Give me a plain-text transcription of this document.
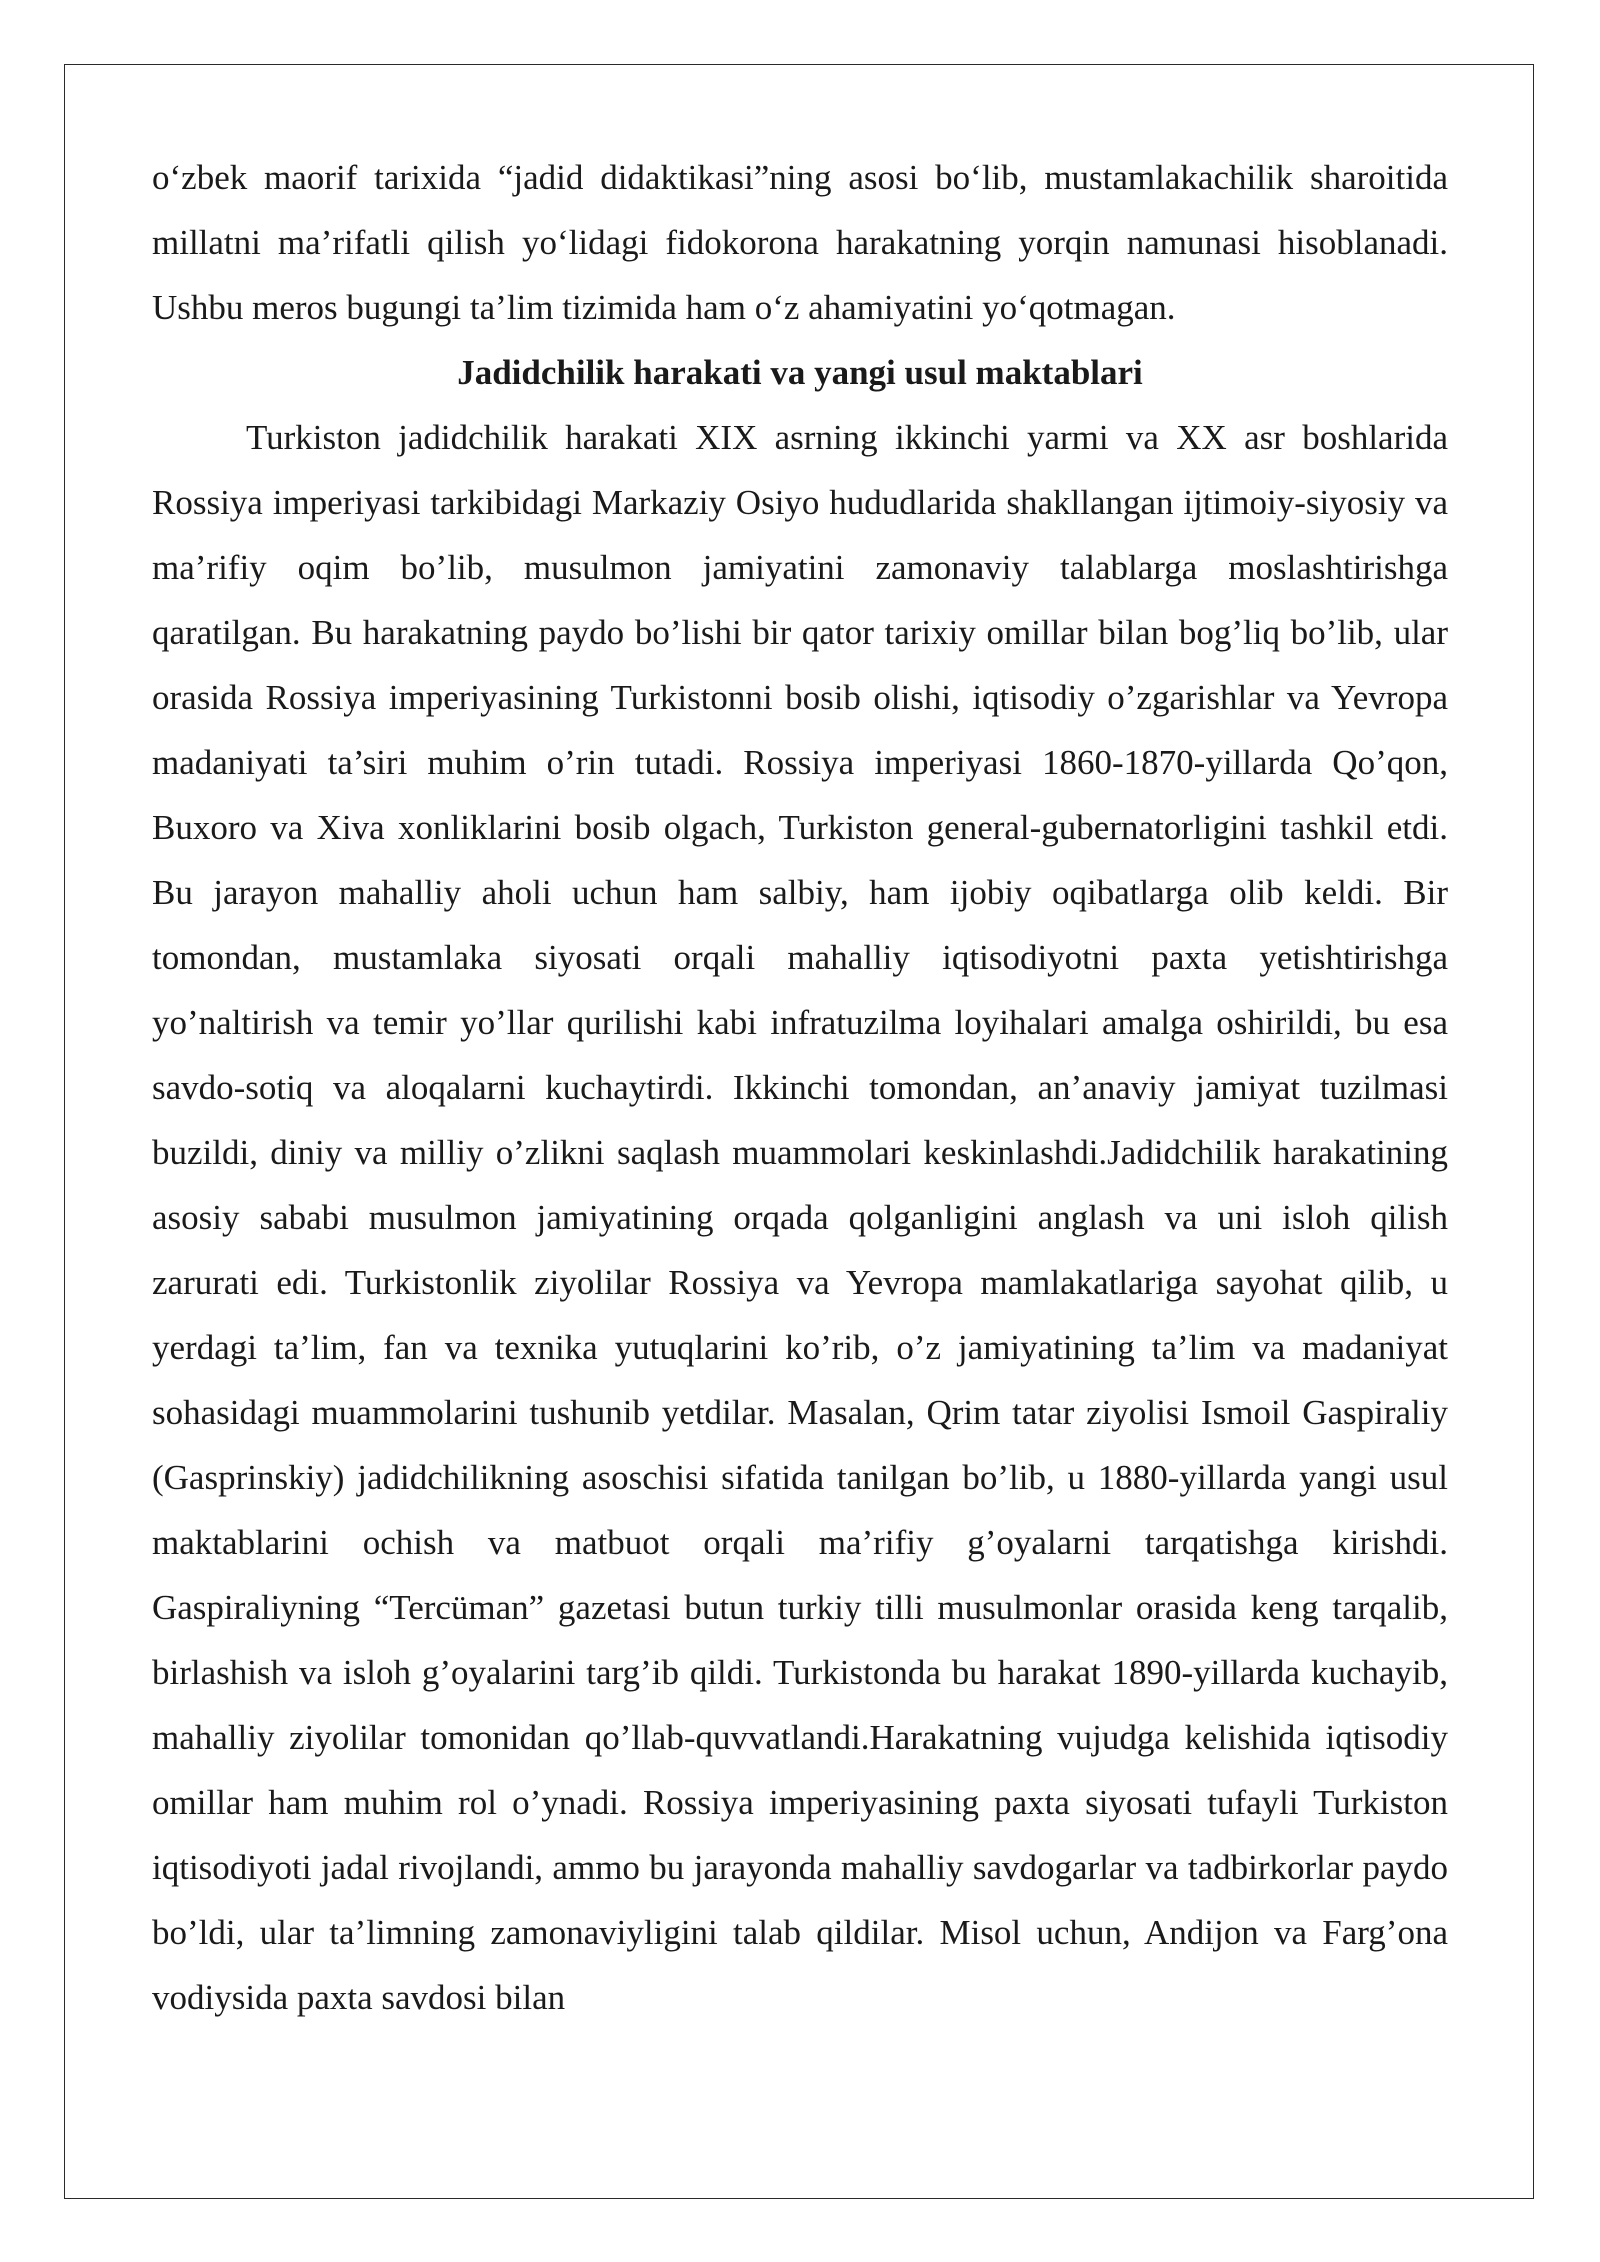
o‘zbek maorif tarixida “jadid didaktikasi”ning asosi bo‘lib, mustamlakachilik sharoitida millatni ma’rifatli qilish yo‘lidagi fidokorona harakatning yorqin namunasi hisoblanadi. Ushbu meros bugungi ta’lim tizimida ham o‘z ahamiyatini yo‘qotmagan.

Jadidchilik harakati va yangi usul maktablari

Turkiston jadidchilik harakati XIX asrning ikkinchi yarmi va XX asr boshlarida Rossiya imperiyasi tarkibidagi Markaziy Osiyo hududlarida shakllangan ijtimoiy-siyosiy va ma’rifiy oqim bo’lib, musulmon jamiyatini zamonaviy talablarga moslashtirishga qaratilgan. Bu harakatning paydo bo’lishi bir qator tarixiy omillar bilan bog’liq bo’lib, ular orasida Rossiya imperiyasining Turkistonni bosib olishi, iqtisodiy o’zgarishlar va Yevropa madaniyati ta’siri muhim o’rin tutadi. Rossiya imperiyasi 1860-1870-yillarda Qo’qon, Buxoro va Xiva xonliklarini bosib olgach, Turkiston general-gubernatorligini tashkil etdi. Bu jarayon mahalliy aholi uchun ham salbiy, ham ijobiy oqibatlarga olib keldi. Bir tomondan, mustamlaka siyosati orqali mahalliy iqtisodiyotni paxta yetishtirishga yo’naltirish va temir yo’llar qurilishi kabi infratuzilma loyihalari amalga oshirildi, bu esa savdo-sotiq va aloqalarni kuchaytirdi. Ikkinchi tomondan, an’anaviy jamiyat tuzilmasi buzildi, diniy va milliy o’zlikni saqlash muammolari keskinlashdi.Jadidchilik harakatining asosiy sababi musulmon jamiyatining orqada qolganligini anglash va uni isloh qilish zarurati edi. Turkistonlik ziyolilar Rossiya va Yevropa mamlakatlariga sayohat qilib, u yerdagi ta’lim, fan va texnika yutuqlarini ko’rib, o’z jamiyatining ta’lim va madaniyat sohasidagi muammolarini tushunib yetdilar. Masalan, Qrim tatar ziyolisi Ismoil Gaspiraliy (Gasprinskiy) jadidchilikning asoschisi sifatida tanilgan bo’lib, u 1880-yillarda yangi usul maktablarini ochish va matbuot orqali ma’rifiy g’oyalarni tarqatishga kirishdi. Gaspiraliyning “Tercüman” gazetasi butun turkiy tilli musulmonlar orasida keng tarqalib, birlashish va isloh g’oyalarini targ’ib qildi. Turkistonda bu harakat 1890-yillarda kuchayib, mahalliy ziyolilar tomonidan qo’llab-quvvatlandi.Harakatning vujudga kelishida iqtisodiy omillar ham muhim rol o’ynadi. Rossiya imperiyasining paxta siyosati tufayli Turkiston iqtisodiyoti jadal rivojlandi, ammo bu jarayonda mahalliy savdogarlar va tadbirkorlar paydo bo’ldi, ular ta’limning zamonaviyligini talab qildilar. Misol uchun, Andijon va Farg’ona vodiysida paxta savdosi bilan
